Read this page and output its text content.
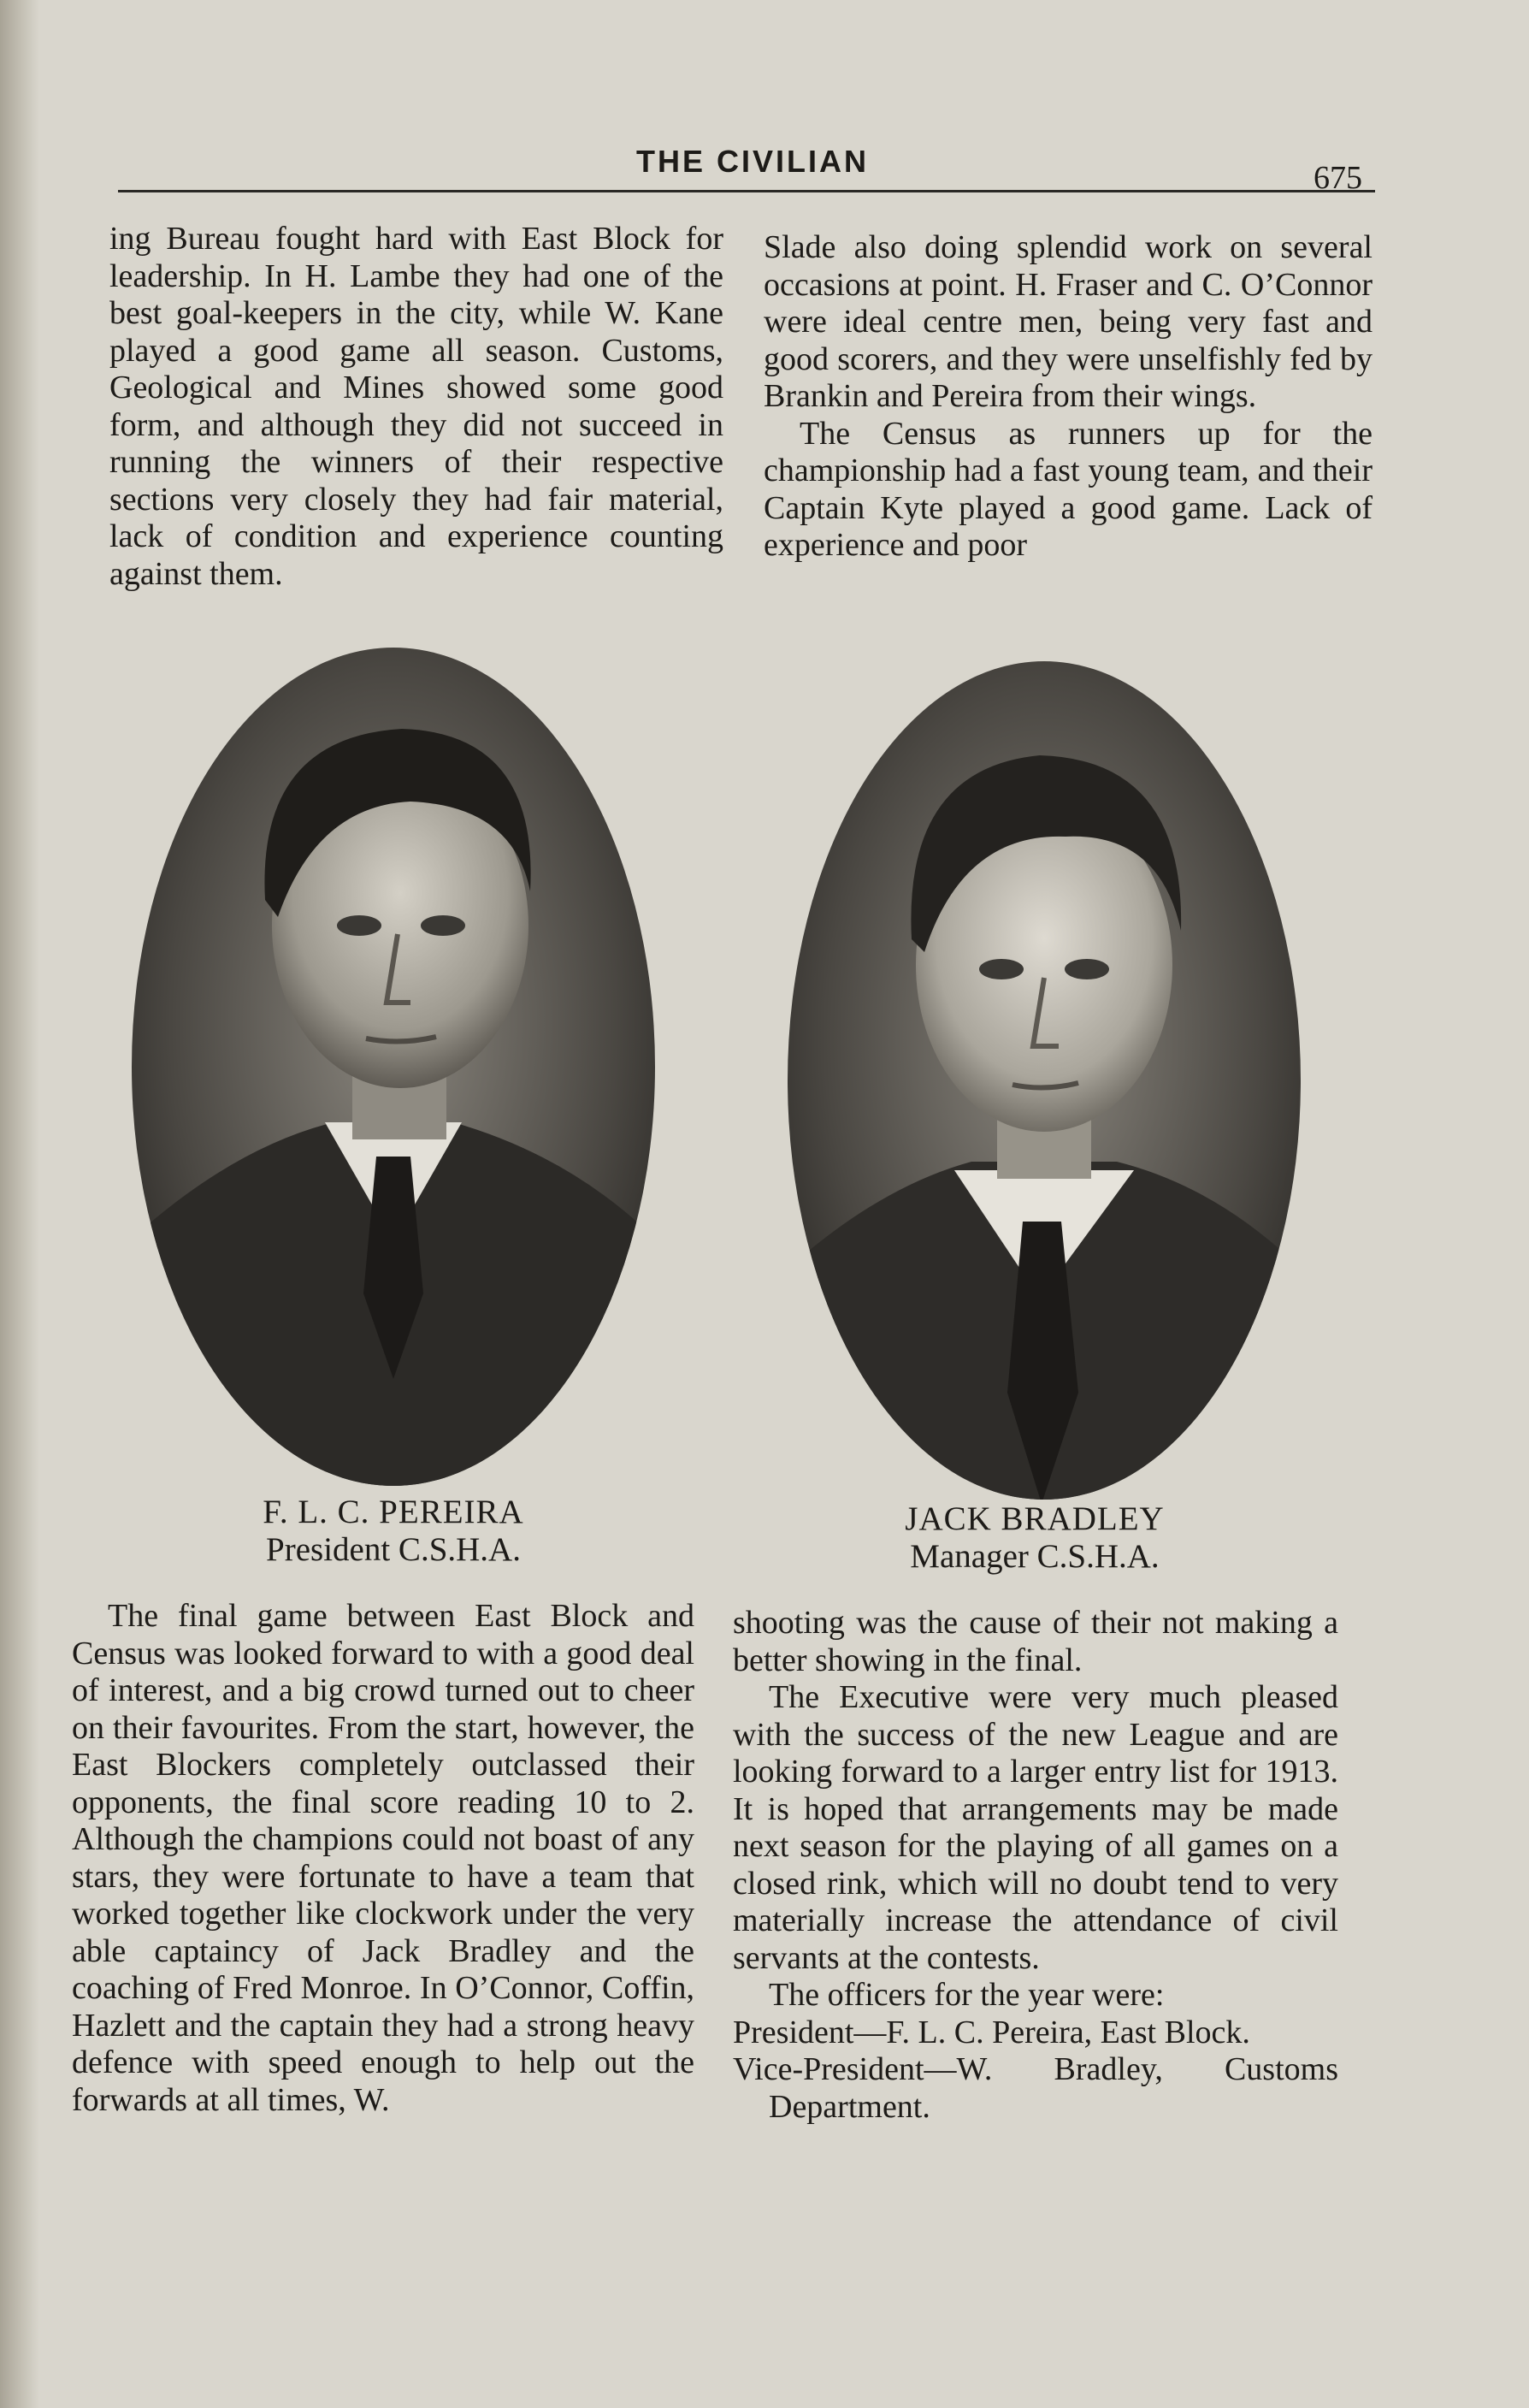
THE CIVILIAN	675

ing Bureau fought hard with East Block for leadership. In H. Lambe they had one of the best goal-keepers in the city, while W. Kane played a good game all season. Customs, Geological and Mines showed some good form, and although they did not succeed in running the winners of their respective sections very closely they had fair material, lack of condition and experience counting against them.

Slade also doing splendid work on several occasions at point. H. Fraser and C. O’Connor were ideal centre men, being very fast and good scorers, and they were unselfishly fed by Brankin and Pereira from their wings.

The Census as runners up for the championship had a fast young team, and their Captain Kyte played a good game. Lack of experience and poor

F. L. C. PEREIRA
President C.S.H.A.
JACK BRADLEY
Manager C.S.H.A.

The final game between East Block and Census was looked forward to with a good deal of interest, and a big crowd turned out to cheer on their favourites. From the start, however, the East Blockers completely outclassed their opponents, the final score reading 10 to 2. Although the champions could not boast of any stars, they were fortunate to have a team that worked together like clockwork under the very able captaincy of Jack Bradley and the coaching of Fred Monroe. In O’Connor, Coffin, Hazlett and the captain they had a strong heavy defence with speed enough to help out the forwards at all times, W.

shooting was the cause of their not making a better showing in the final.

The Executive were very much pleased with the success of the new League and are looking forward to a larger entry list for 1913. It is hoped that arrangements may be made next season for the playing of all games on a closed rink, which will no doubt tend to very materially increase the attendance of civil servants at the contests.

The officers for the year were:

President—F. L. C. Pereira, East Block.

Vice-President—W. Bradley, Customs Department.
